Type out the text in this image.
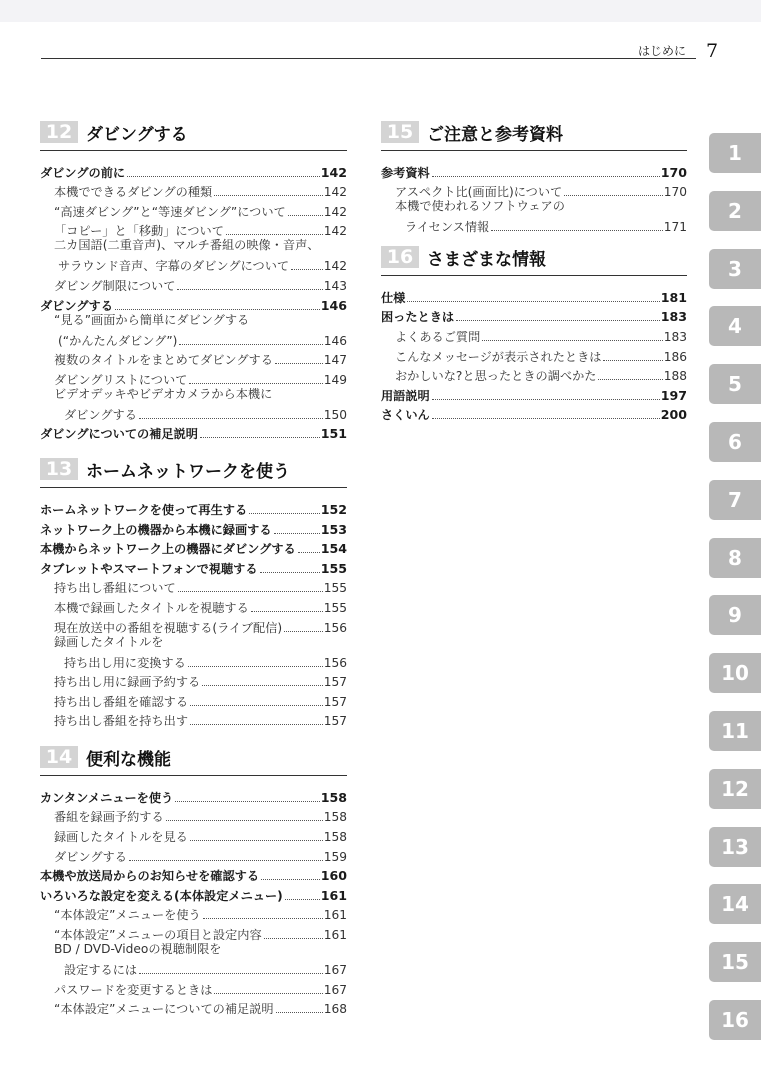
はじめに 7
12 ダビングする
ダビングの前に	142
本機でできるダビングの種類	142
“高速ダビング”と“等速ダビング”について	142
「コピー」と「移動」について	142
二カ国語(二重音声)、マルチ番組の映像・音声、
サラウンド音声、字幕のダビングについて	142
ダビング制限について	143
ダビングする	146
“見る”画面から簡単にダビングする
(“かんたんダビング”)	146
複数のタイトルをまとめてダビングする	147
ダビングリストについて	149
ビデオデッキやビデオカメラから本機に
ダビングする	150
ダビングについての補足説明	151
13 ホームネットワークを使う
ホームネットワークを使って再生する	152
ネットワーク上の機器から本機に録画する	153
本機からネットワーク上の機器にダビングする 154
タブレットやスマートフォンで視聴する	155
持ち出し番組について	155
本機で録画したタイトルを視聴する	155
現在放送中の番組を視聴する(ライブ配信)	156
録画したタイトルを
持ち出し用に変換する	156
持ち出し用に録画予約する	157
持ち出し番組を確認する	157
持ち出し番組を持ち出す	157
14 便利な機能
カンタンメニューを使う	158
番組を録画予約する	158
録画したタイトルを見る	158
ダビングする	159
本機や放送局からのお知らせを確認する	160
いろいろな設定を変える(本体設定メニュー)	161
“本体設定”メニューを使う	161
“本体設定”メニューの項目と設定内容	161
BD / DVD-Videoの視聴制限を
設定するには	167
パスワードを変更するときは	167
“本体設定”メニューについての補足説明	168
15 ご注意と参考資料
参考資料	170
アスペクト比(画面比)について	170
本機で使われるソフトウェアの
ライセンス情報	171
16 さまざまな情報
仕様	181
困ったときは	183
よくあるご質問	183
こんなメッセージが表示されたときは	186
おかしいな?と思ったときの調べかた	188
用語説明	197
さくいん	200
1
2
3
4
5
6
7
8
9
10
11
12
13
14
15
16
